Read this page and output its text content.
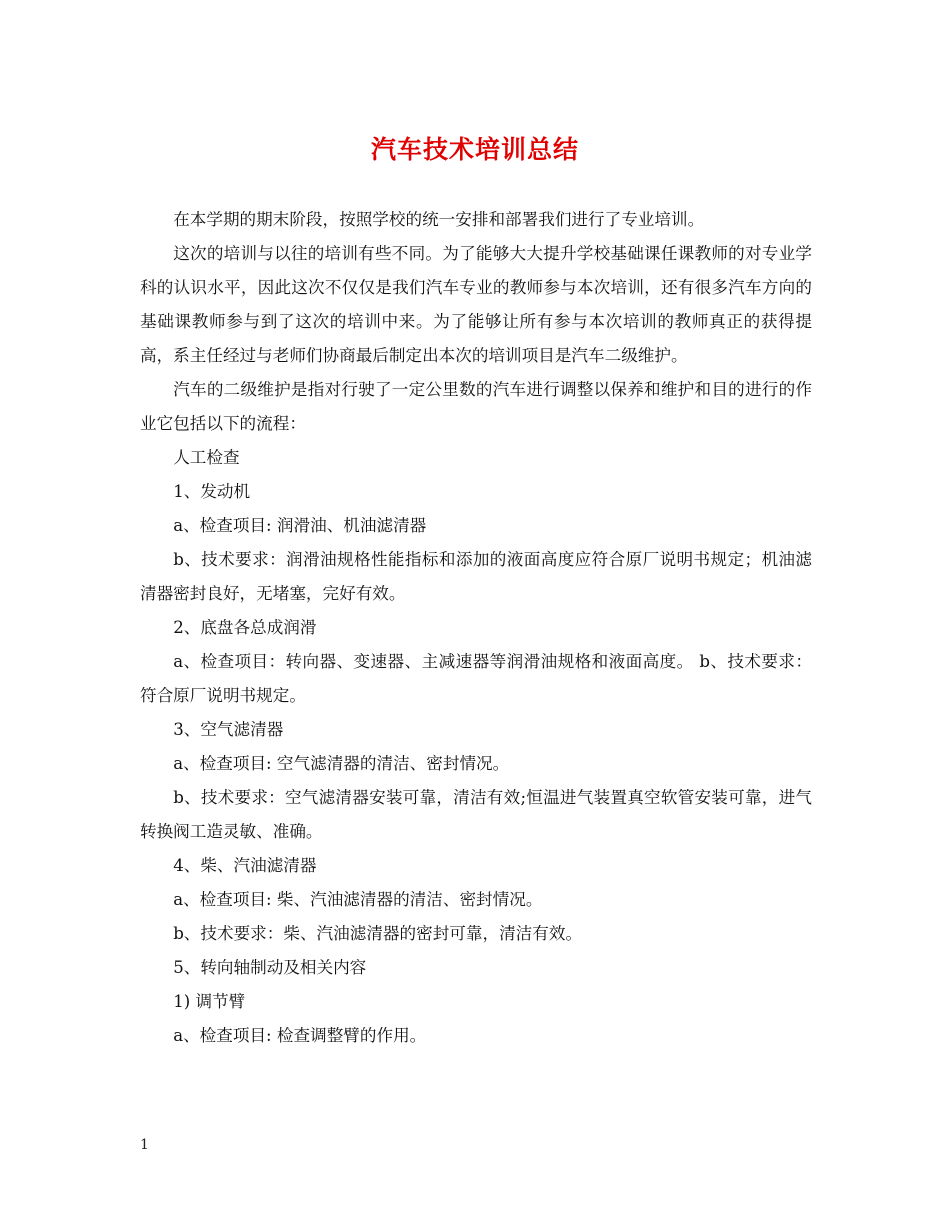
汽车技术培训总结

在本学期的期末阶段，按照学校的统一安排和部署我们进行了专业培训。

这次的培训与以往的培训有些不同。为了能够大大提升学校基础课任课教师的对专业学科的认识水平，因此这次不仅仅是我们汽车专业的教师参与本次培训，还有很多汽车方向的基础课教师参与到了这次的培训中来。为了能够让所有参与本次培训的教师真正的获得提高，系主任经过与老师们协商最后制定出本次的培训项目是汽车二级维护。

汽车的二级维护是指对行驶了一定公里数的汽车进行调整以保养和维护和目的进行的作业它包括以下的流程：

人工检查

1、发动机

a、检查项目: 润滑油、机油滤清器

b、技术要求：润滑油规格性能指标和添加的液面高度应符合原厂说明书规定；机油滤清器密封良好，无堵塞，完好有效。

2、底盘各总成润滑

a、检查项目：转向器、变速器、主减速器等润滑油规格和液面高度。 b、技术要求：符合原厂说明书规定。

3、空气滤清器

a、检查项目: 空气滤清器的清洁、密封情况。

b、技术要求：空气滤清器安装可靠，清洁有效;恒温进气装置真空软管安装可靠，进气转换阀工造灵敏、准确。

4、柴、汽油滤清器

a、检查项目: 柴、汽油滤清器的清洁、密封情况。

b、技术要求：柴、汽油滤清器的密封可靠，清洁有效。

5、转向轴制动及相关内容

1) 调节臂

a、检查项目: 检查调整臂的作用。

1
